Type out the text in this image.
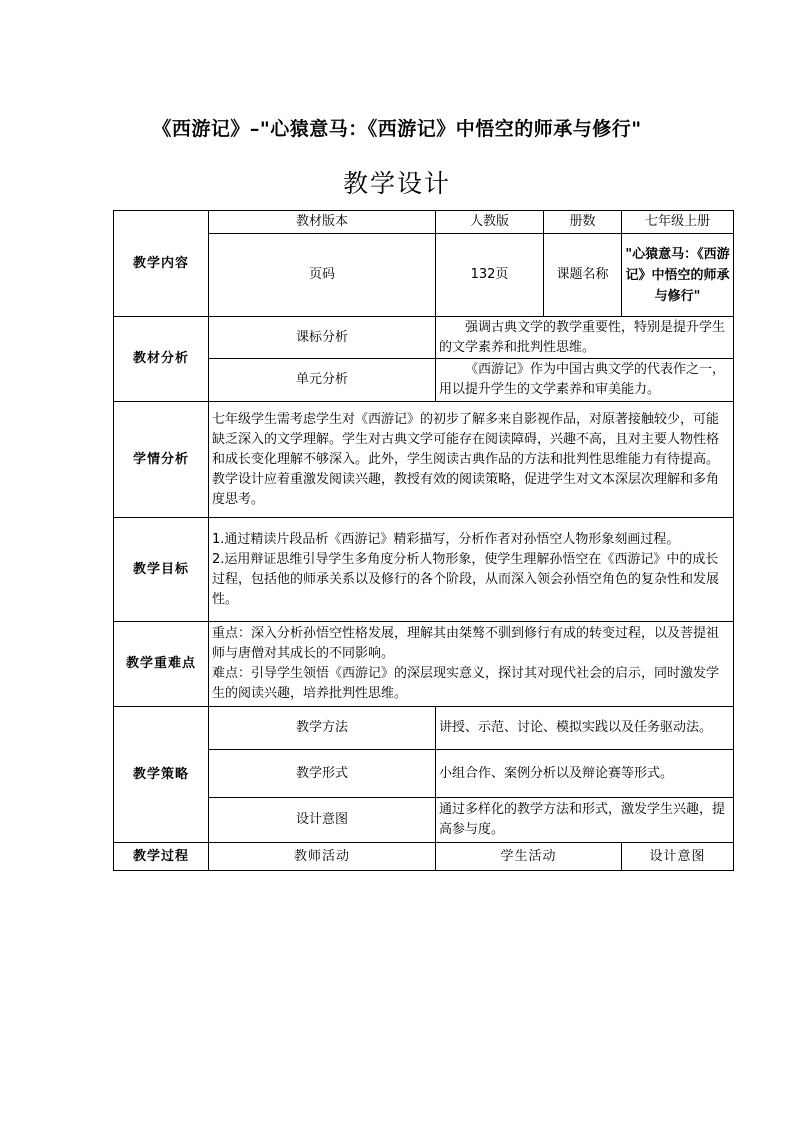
《西游记》–"心猿意马：《西游记》中悟空的师承与修行"
教学设计
教学内容	教材版本	人教版	册数	七年级上册
	页码	132页	课题名称	"心猿意马：《西游记》中悟空的师承与修行"
教材分析	课标分析	强调古典文学的教学重要性，特别是提升学生的文学素养和批判性思维。		
	单元分析	《西游记》作为中国古典文学的代表作之一，用以提升学生的文学素养和审美能力。		
学情分析	七年级学生需考虑学生对《西游记》的初步了解多来自影视作品，对原著接触较少，可能缺乏深入的文学理解。学生对古典文学可能存在阅读障碍，兴趣不高，且对主要人物性格和成长变化理解不够深入。此外，学生阅读古典作品的方法和批判性思维能力有待提高。教学设计应着重激发阅读兴趣，教授有效的阅读策略，促进学生对文本深层次理解和多角度思考。			
教学目标	1.通过精读片段品析《西游记》精彩描写，分析作者对孙悟空人物形象刻画过程。
2.运用辩证思维引导学生多角度分析人物形象，使学生理解孙悟空在《西游记》中的成长过程，包括他的师承关系以及修行的各个阶段，从而深入领会孙悟空角色的复杂性和发展性。			

教学重难点	重点：深入分析孙悟空性格发展，理解其由桀骜不驯到修行有成的转变过程，以及菩提祖师与唐僧对其成长的不同影响。
难点：引导学生领悟《西游记》的深层现实意义，探讨其对现代社会的启示，同时激发学生的阅读兴趣，培养批判性思维。			

教学策略	教学方法	讲授、示范、讨论、模拟实践以及任务驱动法。		
	教学形式	小组合作、案例分析以及辩论赛等形式。		
	设计意图	通过多样化的教学方法和形式，激发学生兴趣，提高参与度。		
教学过程	教师活动	学生活动		设计意图
